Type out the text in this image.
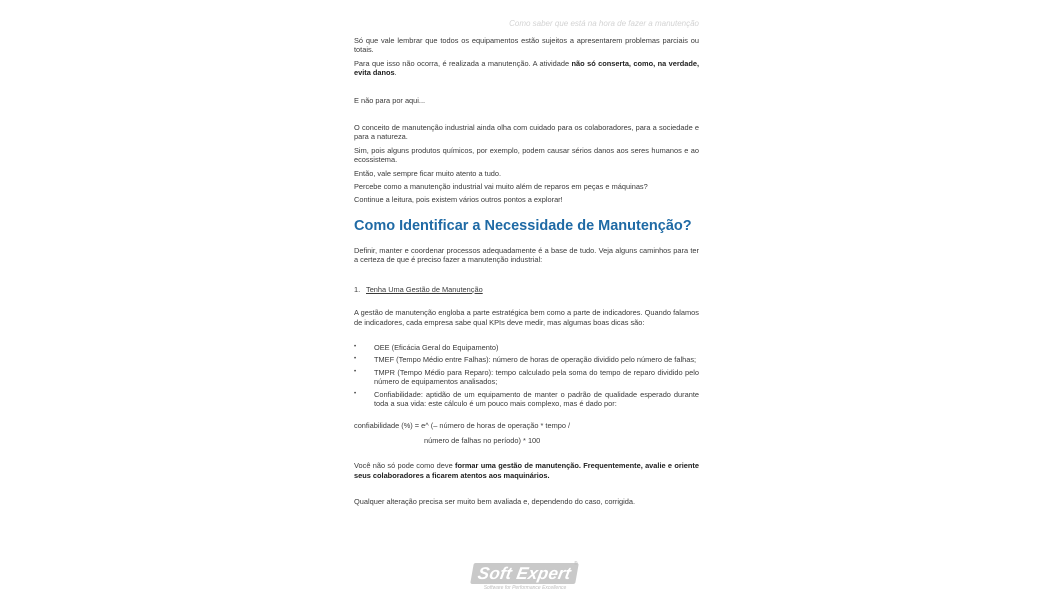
Como saber que está na hora de fazer a manutenção

Só que vale lembrar que todos os equipamentos estão sujeitos a apresentarem problemas parciais ou totais.

Para que isso não ocorra, é realizada a manutenção. A atividade não só conserta, como, na verdade, evita danos.

E não para por aqui...

O conceito de manutenção industrial ainda olha com cuidado para os colaboradores, para a sociedade e para a natureza.

Sim, pois alguns produtos químicos, por exemplo, podem causar sérios danos aos seres humanos e ao ecossistema.

Então, vale sempre ficar muito atento a tudo.

Percebe como a manutenção industrial vai muito além de reparos em peças e máquinas?

Continue a leitura, pois existem vários outros pontos a explorar!

Como Identificar a Necessidade de Manutenção?

Definir, manter e coordenar processos adequadamente é a base de tudo. Veja alguns caminhos para ter a certeza de que é preciso fazer a manutenção industrial:

1. Tenha Uma Gestão de Manutenção

A gestão de manutenção engloba a parte estratégica bem como a parte de indicadores. Quando falamos de indicadores, cada empresa sabe qual KPIs deve medir, mas algumas boas dicas são:

•	OEE (Eficácia Geral do Equipamento)
•	TMEF (Tempo Médio entre Falhas): número de horas de operação dividido pelo número de falhas;
•	TMPR (Tempo Médio para Reparo): tempo calculado pela soma do tempo de reparo dividido pelo número de equipamentos analisados;
•	Confiabilidade: aptidão de um equipamento de manter o padrão de qualidade esperado durante toda a sua vida: este cálculo é um pouco mais complexo, mas é dado por:

confiabilidade (%) = e^ (– número de horas de operação * tempo /

número de falhas no período) * 100

Você não só pode como deve formar uma gestão de manutenção. Frequentemente, avalie e oriente seus colaboradores a ficarem atentos aos maquinários.

Qualquer alteração precisa ser muito bem avaliada e, dependendo do caso, corrigida.

Soft Expert ®
Software for Performance Excellence
